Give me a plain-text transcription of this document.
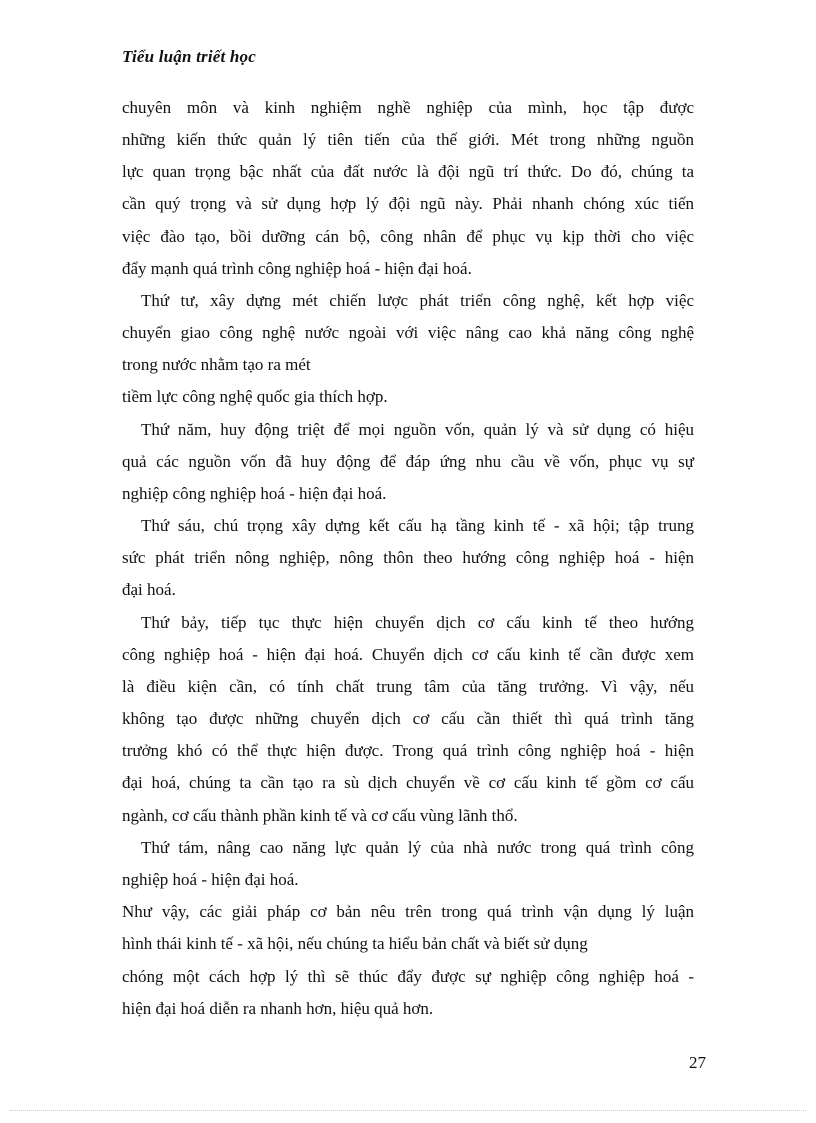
Tiểu luận triết học
chuyên môn và kinh nghiệm nghề nghiệp của mình, học tập được
những kiến thức quản lý tiên tiến của thế giới. Mét trong những nguồn
lực quan trọng bậc nhất của đất nước là đội ngũ trí thức. Do đó, chúng ta
cần quý trọng và sử dụng hợp lý đội ngũ này. Phải nhanh chóng xúc tiến
việc đào tạo, bồi dưỡng cán bộ, công nhân để phục vụ kịp thời cho việc
đẩy mạnh quá trình công nghiệp hoá - hiện đại hoá.
Thứ tư, xây dựng mét chiến lược phát triển công nghệ, kết hợp việc
chuyển giao công nghệ nước ngoài với việc nâng cao khả năng công nghệ
trong nước nhằm tạo ra mét
tiềm lực công nghệ quốc gia thích hợp.
Thứ năm, huy động triệt để mọi nguồn vốn, quản lý và sử dụng có hiệu
quả các nguồn vốn đã huy động để đáp ứng nhu cầu về vốn, phục vụ sự
nghiệp công nghiệp hoá - hiện đại hoá.
Thứ sáu, chú trọng xây dựng kết cấu hạ tầng kinh tế - xã hội; tập trung
sức phát triển nông nghiệp, nông thôn theo hướng công nghiệp hoá - hiện
đại hoá.
Thứ bảy, tiếp tục thực hiện chuyển dịch cơ cấu kinh tế theo hướng
công nghiệp hoá - hiện đại hoá. Chuyển dịch cơ cấu kinh tế cần được xem
là điều kiện cần, có tính chất trung tâm của tăng trưởng. Vì vậy, nếu
không tạo được những chuyển dịch cơ cấu cần thiết thì quá trình tăng
trưởng khó có thể thực hiện được. Trong quá trình công nghiệp hoá - hiện
đại hoá, chúng ta cần tạo ra sù dịch chuyển về cơ cấu kinh tế gồm cơ cấu
ngành, cơ cấu thành phần kinh tế và cơ cấu vùng lãnh thổ.
Thứ tám, nâng cao năng lực quản lý của nhà nước trong quá trình công
nghiệp hoá - hiện đại hoá.
Như vậy, các giải pháp cơ bản nêu trên trong quá trình vận dụng lý luận
hình thái kinh tế - xã hội, nếu chúng ta hiểu bản chất và biết sử dụng
chóng một cách hợp lý thì sẽ thúc đẩy được sự nghiệp công nghiệp hoá -
hiện đại hoá diễn ra nhanh hơn, hiệu quả hơn.
27
